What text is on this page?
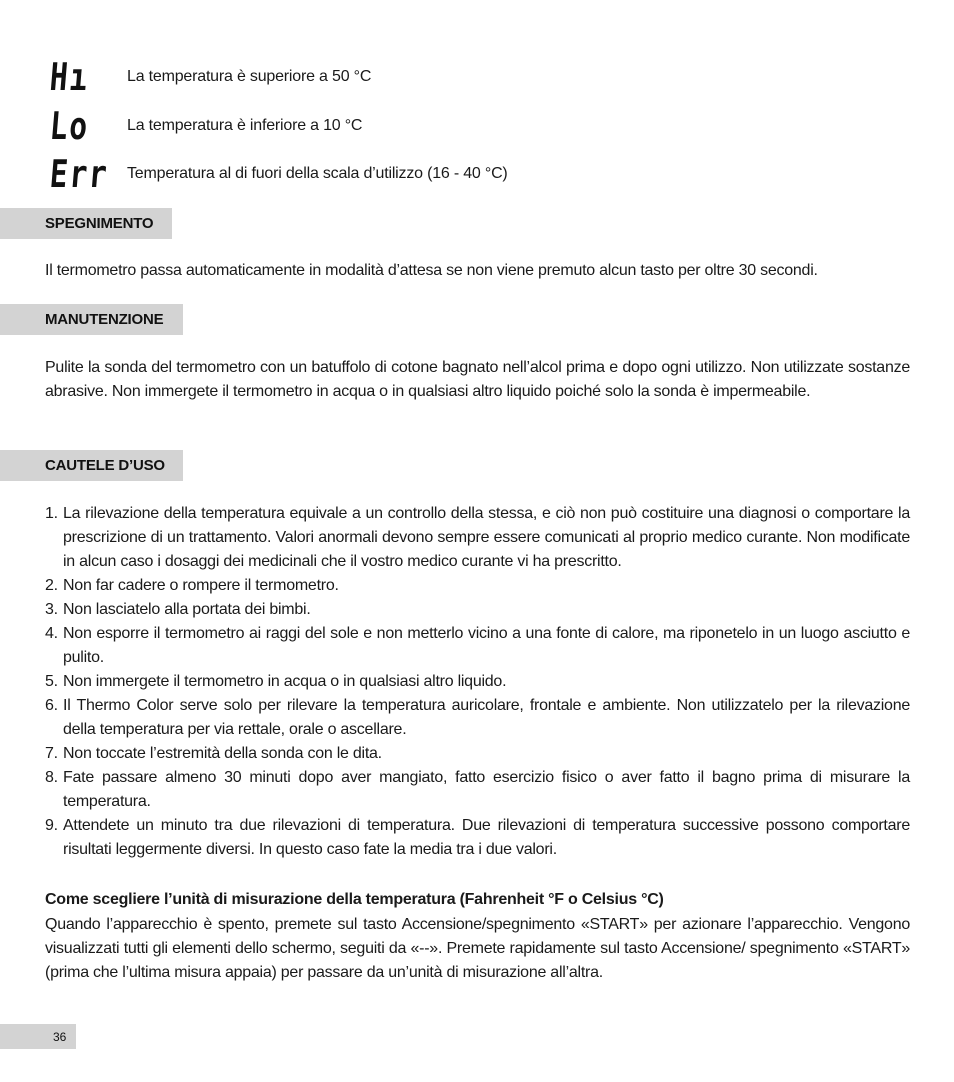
Hı	La temperatura è superiore a 50 °C
Lo	La temperatura è inferiore a 10 °C
Err Temperatura al di fuori della scala d’utilizzo (16 - 40 °C)
SPEGNIMENTO
Il termometro passa automaticamente in modalità d’attesa se non viene premuto alcun tasto per oltre 30 secondi.
MANUTENZIONE
Pulite la sonda del termometro con un batuffolo di cotone bagnato nell’alcol prima e dopo ogni utilizzo. Non utilizzate sostanze abrasive. Non immergete il termometro in acqua o in qualsiasi altro liquido poiché solo la sonda è impermeabile.
CAUTELE D’USO
1. La rilevazione della temperatura equivale a un controllo della stessa, e ciò non può costituire una diagnosi o comportare la prescrizione di un trattamento. Valori anormali devono sempre essere comunicati al proprio medico curante. Non modificate in alcun caso i dosaggi dei medicinali che il vostro medico curante vi ha prescritto.
2. Non far cadere o rompere il termometro.
3. Non lasciatelo alla portata dei bimbi.
4. Non esporre il termometro ai raggi del sole e non metterlo vicino a una fonte di calore, ma riponetelo in un luogo asciutto e pulito.
5. Non immergete il termometro in acqua o in qualsiasi altro liquido.
6. Il Thermo Color serve solo per rilevare la temperatura auricolare, frontale e ambiente. Non utilizzatelo per la rilevazione della temperatura per via rettale, orale o ascellare.
7. Non toccate l’estremità della sonda con le dita.
8. Fate passare almeno 30 minuti dopo aver mangiato, fatto esercizio fisico o aver fatto il bagno prima di misurare la temperatura.
9. Attendete un minuto tra due rilevazioni di temperatura. Due rilevazioni di temperatura successive possono comportare risultati leggermente diversi. In questo caso fate la media tra i due valori.
Come scegliere l’unità di misurazione della temperatura (Fahrenheit °F o Celsius °C)
Quando l’apparecchio è spento, premete sul tasto Accensione/spegnimento «START» per azionare l’apparecchio. Vengono visualizzati tutti gli elementi dello schermo, seguiti da «--». Premete rapidamente sul tasto Accensione/ spegnimento «START» (prima che l’ultima misura appaia) per passare da un’unità di misurazione all’altra.
36
